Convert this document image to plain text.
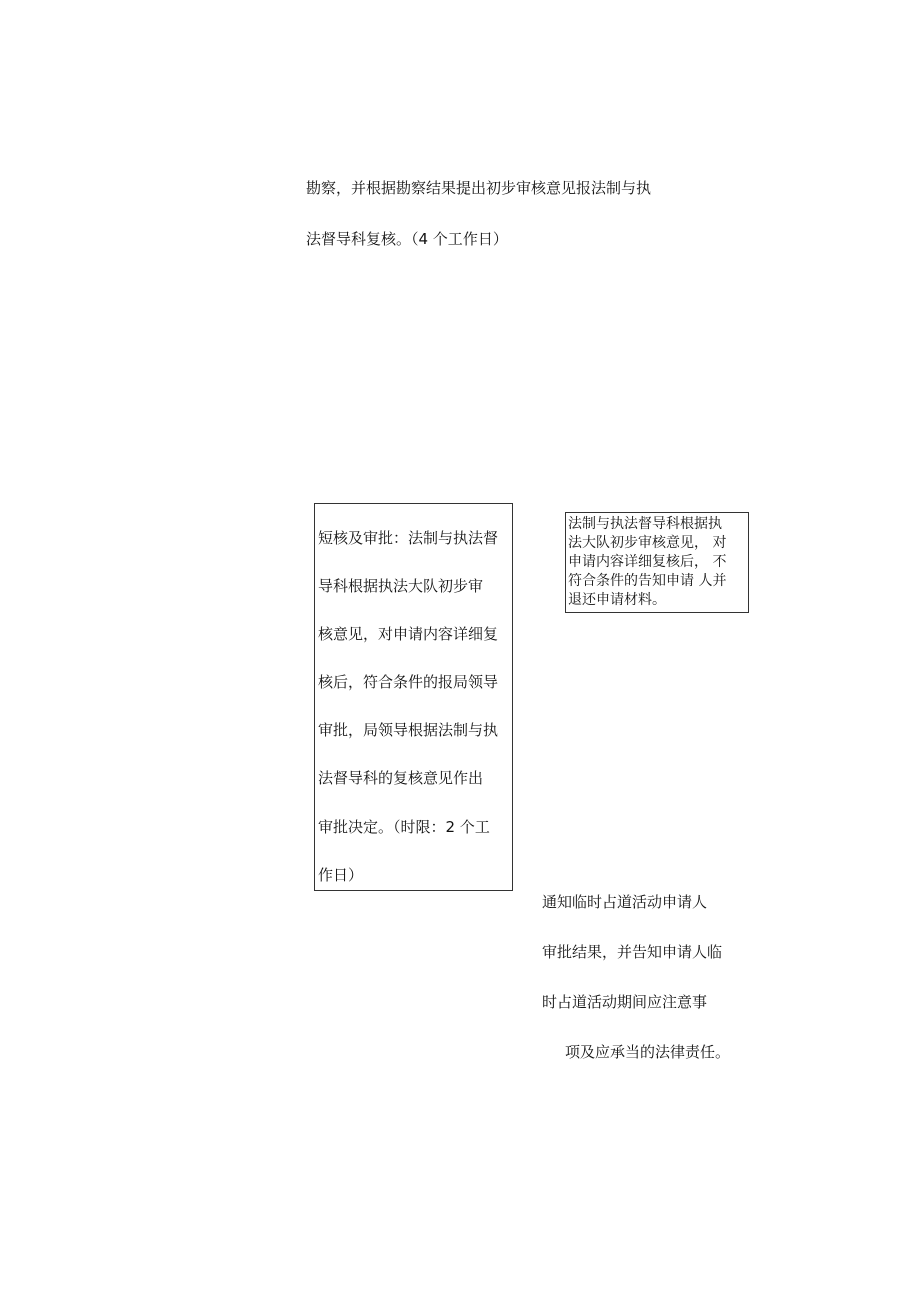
勘察，并根据勘察结果提出初步审核意见报法制与执
法督导科复核。（4 个工作日）
短核及审批：法制与执法督
导科根据执法大队初步审
核意见，对申请内容详细复
核后，符合条件的报局领导
审批，局领导根据法制与执
法督导科的复核意见作出
审批决定。（时限：2 个工
作日）
法制与执法督导科根据执
法大队初步审核意见， 对
申请内容详细复核后， 不
符合条件的告知申请 人并
退还申请材料。
通知临时占道活动申请人
审批结果，并告知申请人临
时占道活动期间应注意事
项及应承当的法律责任。
